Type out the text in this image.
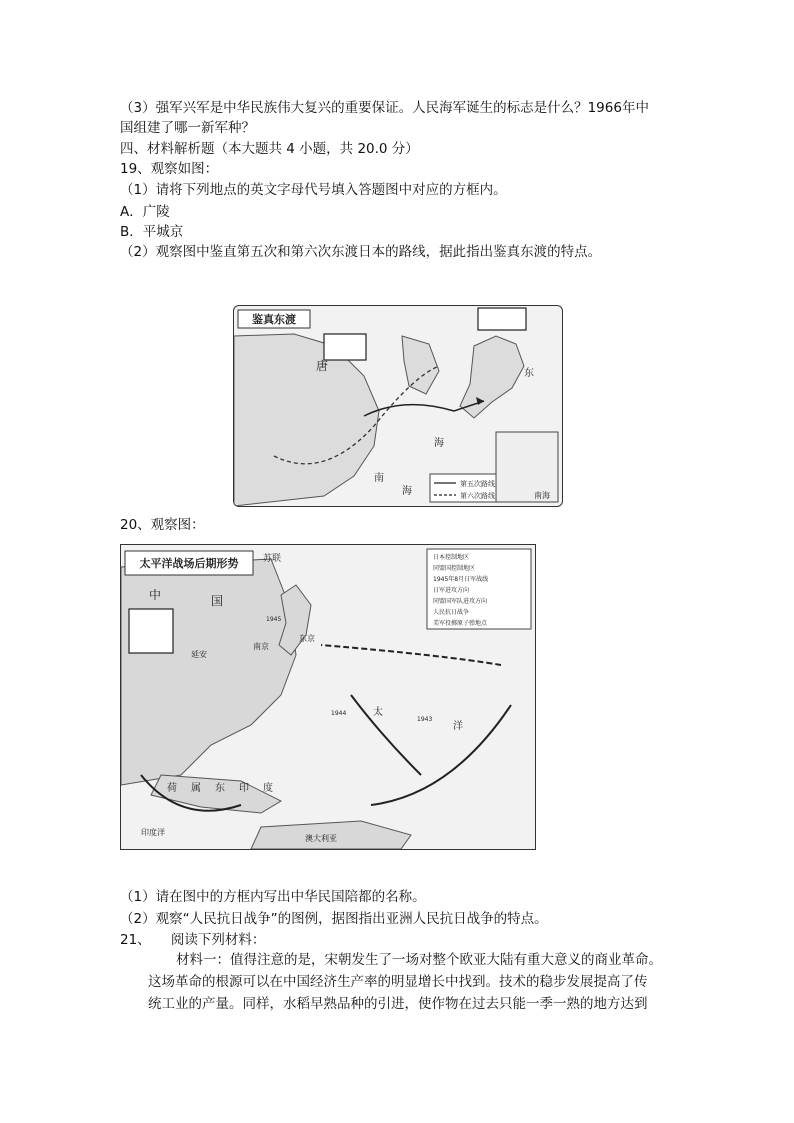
（3）强军兴军是中华民族伟大复兴的重要保证。人民海军诞生的标志是什么？1966年中
国组建了哪一新军种？
四、材料解析题（本大题共 4 小题，共 20.0 分）
19、观察如图：
（1）请将下列地点的英文字母代号填入答题图中对应的方框内。
A．广陵
B．平城京
（2）观察图中鉴直第五次和第六次东渡日本的路线，据此指出鉴真东渡的特点。
鉴真东渡
唐
东
海
南
海
第五次路线
第六次路线	南海
20、观察图：
太平洋战场后期形势
中	国
苏联
延安
南京
东京
太
洋
荷 属 东 印 度
印度洋
澳大利亚
1945
1944
1943
日本控制地区
同盟国控制地区
1945年8月日军战线
日军进攻方向
同盟国军队进攻方向
人民抗日战争
美军投掷原子弹地点
（1）请在图中的方框内写出中华民国陪都的名称。
（2）观察“人民抗日战争”的图例，据图指出亚洲人民抗日战争的特点。
21、　　阅读下列材料：
材料一：值得注意的是，宋朝发生了一场对整个欧亚大陆有重大意义的商业革命。
这场革命的根源可以在中国经济生产率的明显增长中找到。技术的稳步发展提高了传
统工业的产量。同样，水稻早熟品种的引进，使作物在过去只能一季一熟的地方达到
